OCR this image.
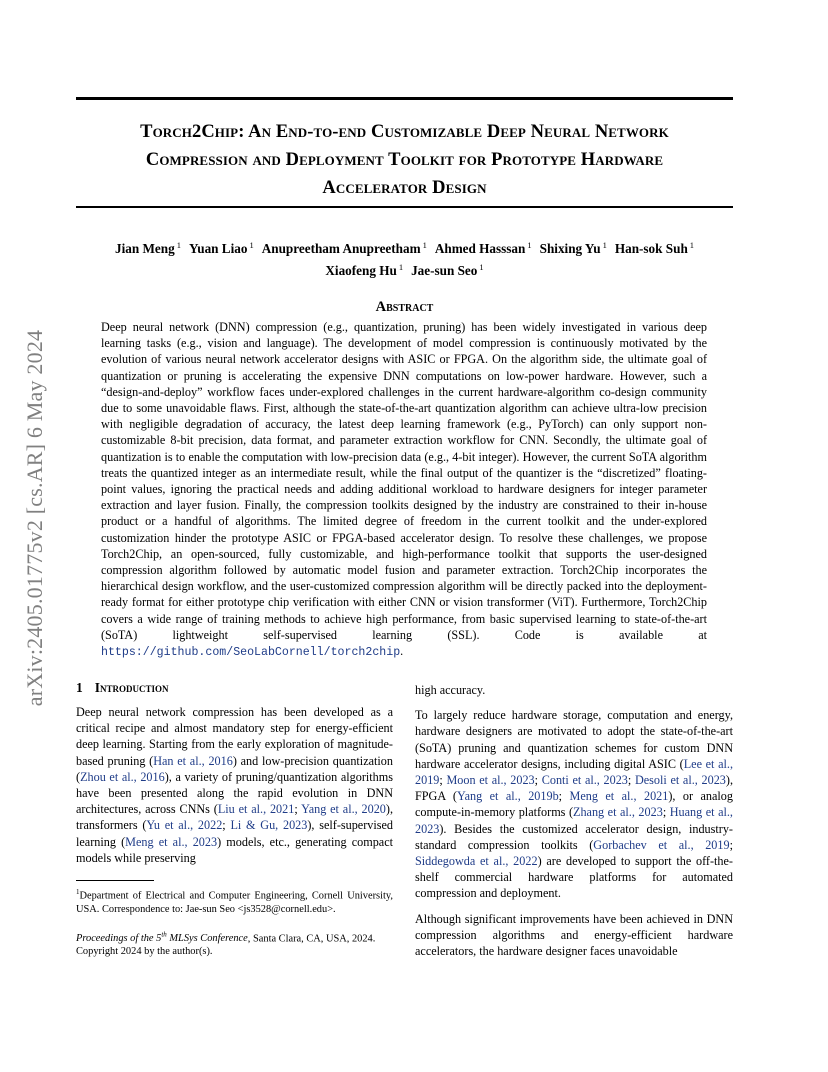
arXiv:2405.01775v2 [cs.AR] 6 May 2024
Torch2Chip: An End-to-end Customizable Deep Neural Network
Compression and Deployment Toolkit for Prototype Hardware
Accelerator Design
Jian Meng $^1$ Yuan Liao $^1$ Anupreetham Anupreetham $^1$ Ahmed Hasssan $^1$ Shixing Yu $^1$ Han-sok Suh $^1$
Xiaofeng Hu $^1$ Jae-sun Seo $^1$
Abstract

Deep neural network (DNN) compression (e.g., quantization, pruning) has been widely investigated in various deep learning tasks (e.g., vision and language). The development of model compression is continuously motivated by the evolution of various neural network accelerator designs with ASIC or FPGA. On the algorithm side, the ultimate goal of quantization or pruning is accelerating the expensive DNN computations on low-power hardware. However, such a “design-and-deploy” workflow faces under-explored challenges in the current hardware-algorithm co-design community due to some unavoidable flaws. First, although the state-of-the-art quantization algorithm can achieve ultra-low precision with negligible degradation of accuracy, the latest deep learning framework (e.g., PyTorch) can only support non-customizable 8-bit precision, data format, and parameter extraction workflow for CNN. Secondly, the ultimate goal of quantization is to enable the computation with low-precision data (e.g., 4-bit integer). However, the current SoTA algorithm treats the quantized integer as an intermediate result, while the final output of the quantizer is the “discretized” floating-point values, ignoring the practical needs and adding additional workload to hardware designers for integer parameter extraction and layer fusion. Finally, the compression toolkits designed by the industry are constrained to their in-house product or a handful of algorithms. The limited degree of freedom in the current toolkit and the under-explored customization hinder the prototype ASIC or FPGA-based accelerator design. To resolve these challenges, we propose Torch2Chip, an open-sourced, fully customizable, and high-performance toolkit that supports the user-designed compression algorithm followed by automatic model fusion and parameter extraction. Torch2Chip incorporates the hierarchical design workflow, and the user-customized compression algorithm will be directly packed into the deployment-ready format for either prototype chip verification with either CNN or vision transformer (ViT). Furthermore, Torch2Chip covers a wide range of training methods to achieve high performance, from basic supervised learning to state-of-the-art (SoTA) lightweight self-supervised learning (SSL). Code is available at https://github.com/SeoLabCornell/torch2chip.

1 Introduction

Deep neural network compression has been developed as a critical recipe and almost mandatory step for energy-efficient deep learning. Starting from the early exploration of magnitude-based pruning (Han et al., 2016) and low-precision quantization (Zhou et al., 2016), a variety of pruning/quantization algorithms have been presented along the rapid evolution in DNN architectures, across CNNs (Liu et al., 2021; Yang et al., 2020), transformers (Yu et al., 2022; Li & Gu, 2023), self-supervised learning (Meng et al., 2023) models, etc., generating compact models while preserving

$^1$Department of Electrical and Computer Engineering, Cornell University, USA. Correspondence to: Jae-sun Seo <js3528@cornell.edu>.

Proceedings of the 5th MLSys Conference, Santa Clara, CA, USA, 2024. Copyright 2024 by the author(s).

high accuracy.

To largely reduce hardware storage, computation and energy, hardware designers are motivated to adopt the state-of-the-art (SoTA) pruning and quantization schemes for custom DNN hardware accelerator designs, including digital ASIC (Lee et al., 2019; Moon et al., 2023; Conti et al., 2023; Desoli et al., 2023), FPGA (Yang et al., 2019b; Meng et al., 2021), or analog compute-in-memory platforms (Zhang et al., 2023; Huang et al., 2023). Besides the customized accelerator design, industry-standard compression toolkits (Gorbachev et al., 2019; Siddegowda et al., 2022) are developed to support the off-the-shelf commercial hardware platforms for automated compression and deployment.

Although significant improvements have been achieved in DNN compression algorithms and energy-efficient hardware accelerators, the hardware designer faces unavoidable
